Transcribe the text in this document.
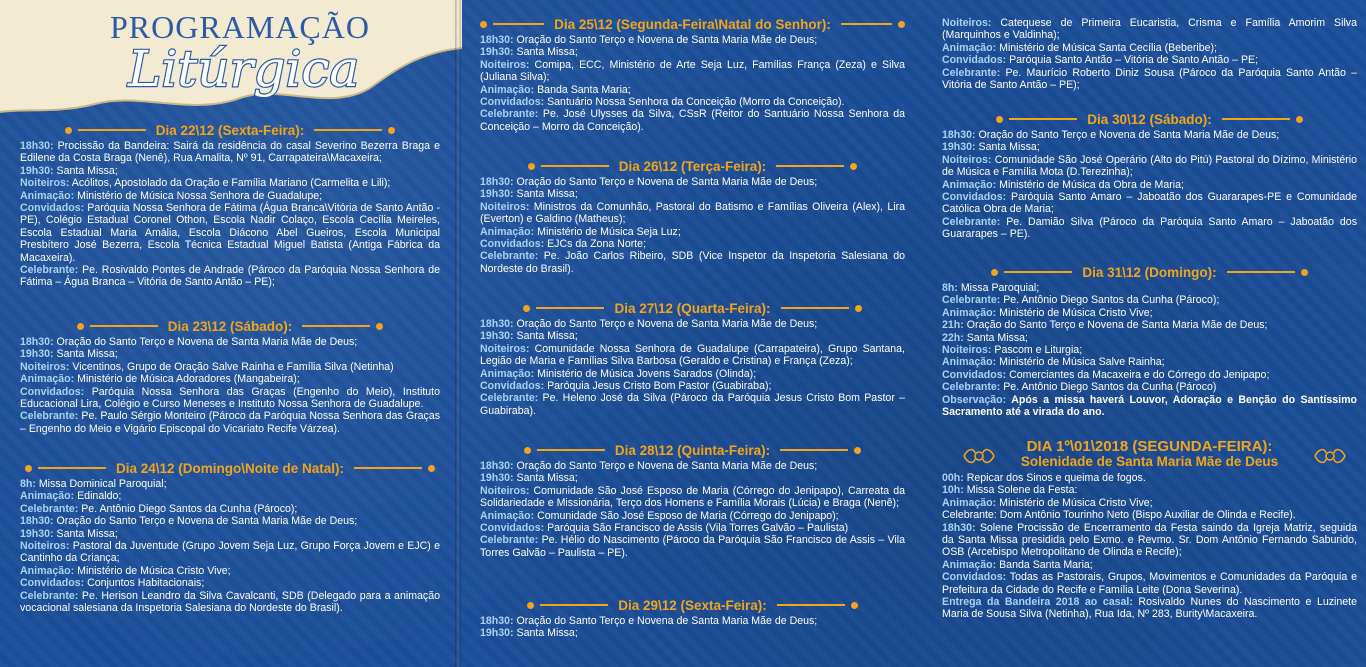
PROGRAMAÇÃO
Litúrgica
Dia 22\12 (Sexta-Feira):
18h30: Procissão da Bandeira: Sairá da residência do casal Severino Bezerra Braga e Edilene da Costa Braga (Nenê), Rua Amalita, Nº 91, Carrapateira\Macaxeira;
19h30: Santa Missa;
Noiteiros: Acólitos, Apostolado da Oração e Família Mariano (Carmelita e Lili);
Animação: Ministério de Música Nossa Senhora de Guadalupe;
Convidados: Paróquia Nossa Senhora de Fátima (Água Branca\Vitória de Santo Antão - PE), Colégio Estadual Coronel Othon, Escola Nadir Colaço, Escola Cecília Meireles, Escola Estadual Maria Amália, Escola Diácono Abel Gueiros, Escola Municipal Presbítero José Bezerra, Escola Técnica Estadual Miguel Batista (Antiga Fábrica da Macaxeira).
Celebrante: Pe. Rosivaldo Pontes de Andrade (Pároco da Paróquia Nossa Senhora de Fátima – Água Branca – Vitória de Santo Antão – PE);
Dia 23\12 (Sábado):
18h30: Oração do Santo Terço e Novena de Santa Maria Mãe de Deus;
19h30: Santa Missa;
Noiteiros: Vicentinos, Grupo de Oração Salve Rainha e Família Silva (Netinha)
Animação: Ministério de Música Adoradores (Mangabeira);
Convidados: Paróquia Nossa Senhora das Graças (Engenho do Meio), Instituto Educacional Lira, Colégio e Curso Meneses e Instituto Nossa Senhora de Guadalupe.
Celebrante: Pe. Paulo Sérgio Monteiro (Pároco da Paróquia Nossa Senhora das Graças – Engenho do Meio e Vigário Episcopal do Vicariato Recife Várzea).
Dia 24\12 (Domingo\Noite de Natal):
8h: Missa Dominical Paroquial;
Animação: Edinaldo;
Celebrante: Pe. Antônio Diego Santos da Cunha (Pároco);
18h30: Oração do Santo Terço e Novena de Santa Maria Mãe de Deus;
19h30: Santa Missa;
Noiteiros: Pastoral da Juventude (Grupo Jovem Seja Luz, Grupo Força Jovem e EJC) e Cantinho da Criança;
Animação: Ministério de Música Cristo Vive;
Convidados: Conjuntos Habitacionais;
Celebrante: Pe. Herison Leandro da Silva Cavalcanti, SDB (Delegado para a animação vocacional salesiana da Inspetoria Salesiana do Nordeste do Brasil).
Dia 25\12 (Segunda-Feira\Natal do Senhor):
18h30: Oração do Santo Terço e Novena de Santa Maria Mãe de Deus;
19h30: Santa Missa;
Noiteiros: Comipa, ECC, Ministério de Arte Seja Luz, Famílias França (Zeza) e Silva (Juliana Silva);
Animação: Banda Santa Maria;
Convidados: Santuário Nossa Senhora da Conceição (Morro da Conceição).
Celebrante: Pe. José Ulysses da Silva, CSsR (Reitor do Santuário Nossa Senhora da Conceição – Morro da Conceição).
Dia 26\12 (Terça-Feira):
18h30: Oração do Santo Terço e Novena de Santa Maria Mãe de Deus;
19h30: Santa Missa;
Noiteiros: Ministros da Comunhão, Pastoral do Batismo e Famílias Oliveira (Alex), Lira (Everton) e Galdino (Matheus);
Animação: Ministério de Música Seja Luz;
Convidados: EJCs da Zona Norte;
Celebrante: Pe. João Carlos Ribeiro, SDB (Vice Inspetor da Inspetoria Salesiana do Nordeste do Brasil).
Dia 27\12 (Quarta-Feira):
18h30: Oração do Santo Terço e Novena de Santa Maria Mãe de Deus;
19h30: Santa Missa;
Noiteiros: Comunidade Nossa Senhora de Guadalupe (Carrapateira), Grupo Santana, Legião de Maria e Famílias Silva Barbosa (Geraldo e Cristina) e França (Zeza);
Animação: Ministério de Música Jovens Sarados (Olinda);
Convidados: Paróquia Jesus Cristo Bom Pastor (Guabiraba);
Celebrante: Pe. Heleno José da Silva (Pároco da Paróquia Jesus Cristo Bom Pastor – Guabiraba).
Dia 28\12 (Quinta-Feira):
18h30: Oração do Santo Terço e Novena de Santa Maria Mãe de Deus;
19h30: Santa Missa;
Noiteiros: Comunidade São José Esposo de Maria (Córrego do Jenipapo), Carreata da Solidariedade e Missionária, Terço dos Homens e Família Morais (Lúcia) e Braga (Nenê);
Animação: Comunidade São José Esposo de Maria (Córrego do Jenipapo);
Convidados: Paróquia São Francisco de Assis (Vila Torres Galvão – Paulista)
Celebrante: Pe. Hélio do Nascimento (Pároco da Paróquia São Francisco de Assis – Vila Torres Galvão – Paulista – PE).
Dia 29\12 (Sexta-Feira):
18h30: Oração do Santo Terço e Novena de Santa Maria Mãe de Deus;
19h30: Santa Missa;
Noiteiros: Catequese de Primeira Eucaristia, Crisma e Família Amorim Silva (Marquinhos e Valdinha);
Animação: Ministério de Música Santa Cecília (Beberibe);
Convidados: Paróquia Santo Antão – Vitória de Santo Antão – PE;
Celebrante: Pe. Maurício Roberto Diniz Sousa (Pároco da Paróquia Santo Antão – Vitória de Santo Antão – PE);
Dia 30\12 (Sábado):
18h30: Oração do Santo Terço e Novena de Santa Maria Mãe de Deus;
19h30: Santa Missa;
Noiteiros: Comunidade São José Operário (Alto do Pitú) Pastoral do Dízimo, Ministério de Música e Família Mota (D.Terezinha);
Animação: Ministério de Música da Obra de Maria;
Convidados: Paróquia Santo Amaro – Jaboatão dos Guararapes-PE e Comunidade Católica Obra de Maria;
Celebrante: Pe. Damião Silva (Pároco da Paróquia Santo Amaro – Jaboatão dos Guararapes – PE).
Dia 31\12 (Domingo):
8h: Missa Paroquial;
Celebrante: Pe. Antônio Diego Santos da Cunha (Pároco);
Animação: Ministério de Música Cristo Vive;
21h: Oração do Santo Terço e Novena de Santa Maria Mãe de Deus;
22h: Santa Missa;
Noiteiros: Pascom e Liturgia;
Animação: Ministério de Música Salve Rainha;
Convidados: Comerciantes da Macaxeira e do Córrego do Jenipapo;
Celebrante: Pe. Antônio Diego Santos da Cunha (Pároco)
Observação: Após a missa haverá Louvor, Adoração e Benção do Santíssimo Sacramento até a virada do ano.
DIA 1º\01\2018 (SEGUNDA-FEIRA):
Solenidade de Santa Maria Mãe de Deus
00h: Repicar dos Sinos e queima de fogos.
10h: Missa Solene da Festa:
Animação: Ministério de Música Cristo Vive;
Celebrante: Dom Antônio Tourinho Neto (Bispo Auxiliar de Olinda e Recife).
18h30: Solene Procissão de Encerramento da Festa saindo da Igreja Matriz, seguida da Santa Missa presidida pelo Exmo. e Revmo. Sr. Dom Antônio Fernando Saburido, OSB (Arcebispo Metropolitano de Olinda e Recife);
Animação: Banda Santa Maria;
Convidados: Todas as Pastorais, Grupos, Movimentos e Comunidades da Paróquia e Prefeitura da Cidade do Recife e Família Leite (Dona Severina).
Entrega da Bandeira 2018 ao casal: Rosivaldo Nunes do Nascimento e Luzinete Maria de Sousa Silva (Netinha), Rua Ida, Nº 283, Burity\Macaxeira.
